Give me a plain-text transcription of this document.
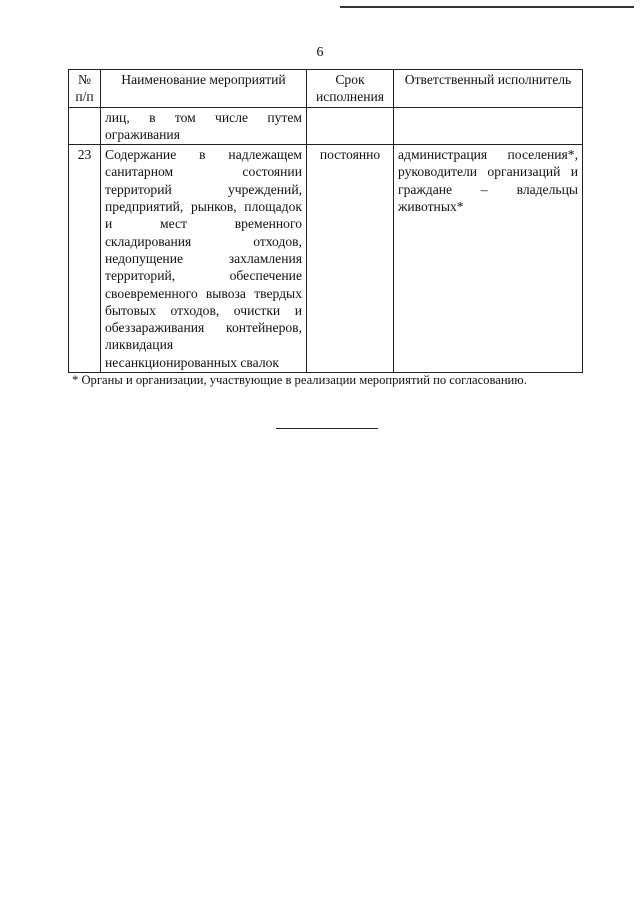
6
№ п/п	Наименование мероприятий	Срок исполнения	Ответственный исполнитель
	лиц, в том числе путем ограживания		
23	Содержание в надлежащем санитарном состоянии территорий учреждений, предприятий, рынков, площадок и мест временного складирования отходов, недопущение захламления территорий, обеспечение своевременного вывоза твердых бытовых отходов, очистки и обеззараживания контейнеров, ликвидация несанкционированных свалок	постоянно	администрация поселения*, руководители организаций и граждане – владельцы животных*
* Органы и организации, участвующие в реализации мероприятий по согласованию.
